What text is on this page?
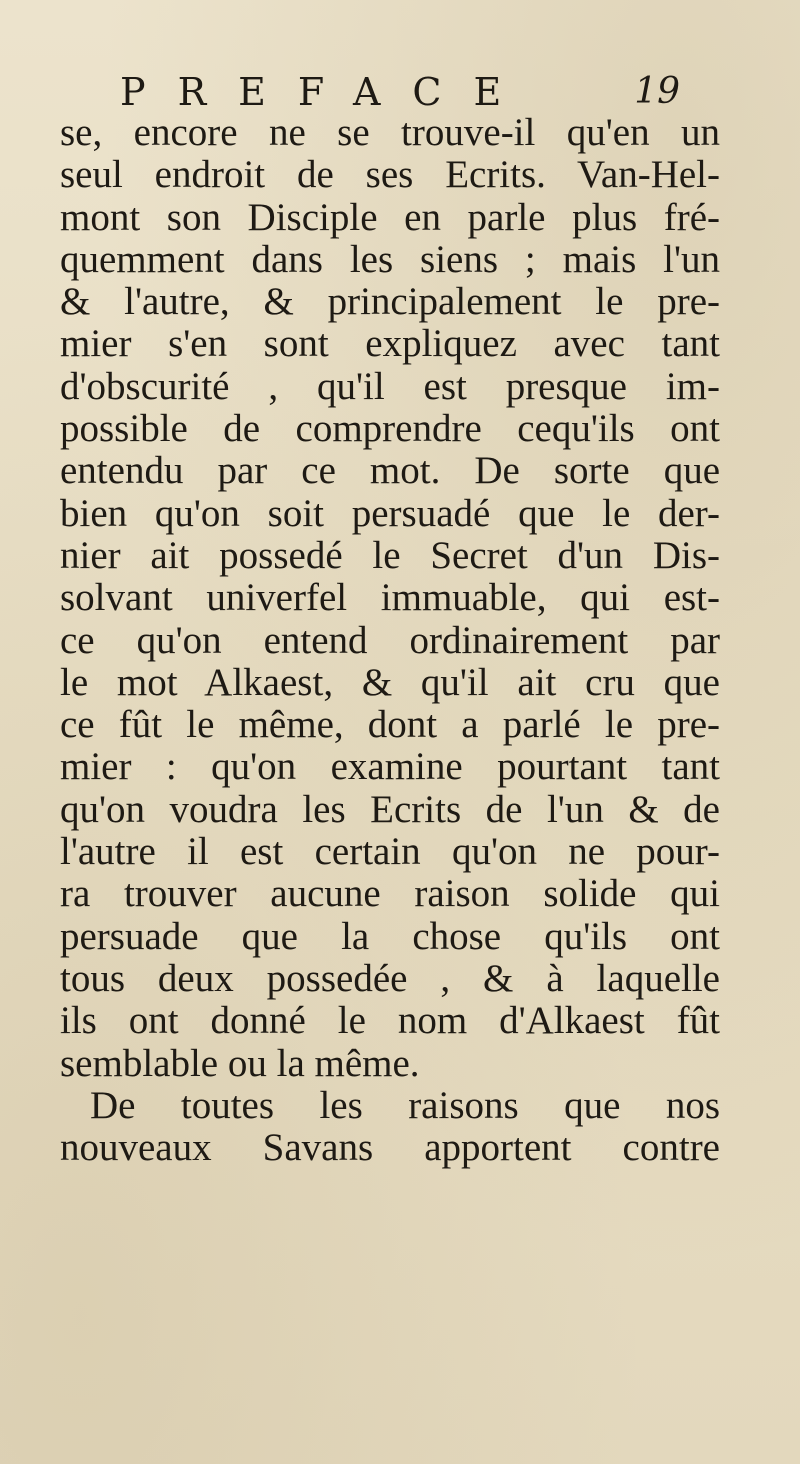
PREFACE	19
se, encore ne se trouve-il qu'en un
seul endroit de ses Ecrits. Van-Hel-
mont son Disciple en parle plus fré-
quemment dans les siens ; mais l'un
& l'autre, & principalement le pre-
mier s'en sont expliquez avec tant
d'obscurité , qu'il est presque im-
possible de comprendre cequ'ils ont
entendu par ce mot. De sorte que
bien qu'on soit persuadé que le der-
nier ait possedé le Secret d'un Dis-
solvant univerfel immuable, qui est-
ce qu'on entend ordinairement par
le mot Alkaest, & qu'il ait cru que
ce fût le même, dont a parlé le pre-
mier : qu'on examine pourtant tant
qu'on voudra les Ecrits de l'un & de
l'autre il est certain qu'on ne pour-
ra trouver aucune raison solide qui
persuade que la chose qu'ils ont
tous deux possedée , & à laquelle
ils ont donné le nom d'Alkaest fût
semblable ou la même.
De toutes les raisons que nos
nouveaux Savans apportent contre
